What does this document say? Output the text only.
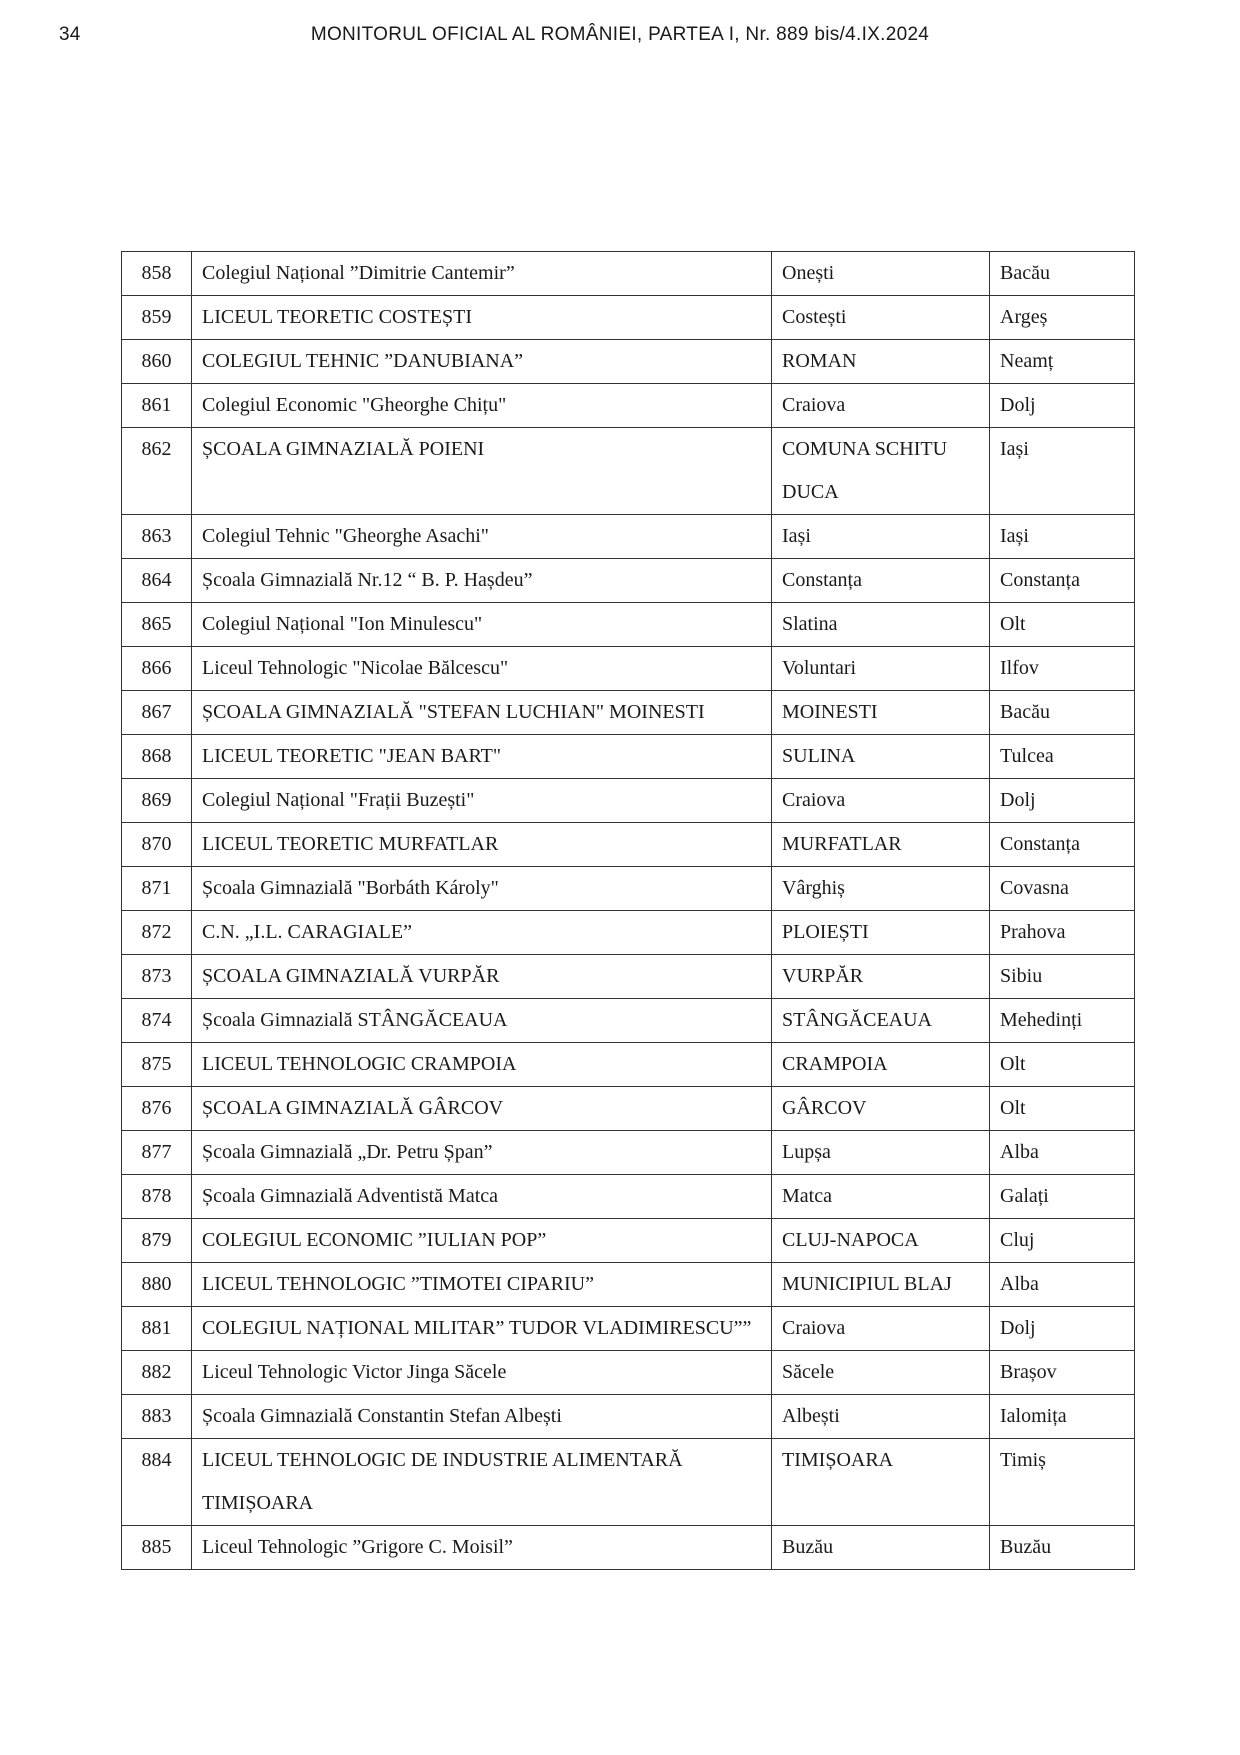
34	MONITORUL OFICIAL AL ROMÂNIEI, PARTEA I, Nr. 889 bis/4.IX.2024
858	Colegiul Național ”Dimitrie Cantemir”	Onești	Bacău
859	LICEUL TEORETIC COSTEȘTI	Costești	Argeș
860	COLEGIUL TEHNIC ”DANUBIANA”	ROMAN	Neamț
861	Colegiul Economic "Gheorghe Chițu"	Craiova	Dolj
862	ȘCOALA GIMNAZIALĂ POIENI	COMUNA SCHITU DUCA	Iași
863	Colegiul Tehnic "Gheorghe Asachi"	Iași	Iași
864	Școala Gimnazială Nr.12 “ B. P. Hașdeu”	Constanța	Constanța
865	Colegiul Național "Ion Minulescu"	Slatina	Olt
866	Liceul Tehnologic "Nicolae Bălcescu"	Voluntari	Ilfov
867	ȘCOALA GIMNAZIALĂ "STEFAN LUCHIAN" MOINESTI	MOINESTI	Bacău
868	LICEUL TEORETIC "JEAN BART"	SULINA	Tulcea
869	Colegiul Național "Frații Buzești"	Craiova	Dolj
870	LICEUL TEORETIC MURFATLAR	MURFATLAR	Constanța
871	Școala Gimnazială "Borbáth Károly"	Vârghiș	Covasna
872	C.N. „I.L. CARAGIALE”	PLOIEȘTI	Prahova
873	ȘCOALA GIMNAZIALĂ VURPĂR	VURPĂR	Sibiu
874	Școala Gimnazială STÂNGĂCEAUA	STÂNGĂCEAUA	Mehedinți
875	LICEUL TEHNOLOGIC CRAMPOIA	CRAMPOIA	Olt
876	ȘCOALA GIMNAZIALĂ GÂRCOV	GÂRCOV	Olt
877	Școala Gimnazială „Dr. Petru Șpan”	Lupșa	Alba
878	Școala Gimnazială Adventistă Matca	Matca	Galați
879	COLEGIUL ECONOMIC ”IULIAN POP”	CLUJ-NAPOCA	Cluj
880	LICEUL TEHNOLOGIC ”TIMOTEI CIPARIU”	MUNICIPIUL BLAJ	Alba
881	COLEGIUL NAȚIONAL MILITAR” TUDOR VLADIMIRESCU””	Craiova	Dolj
882	Liceul Tehnologic Victor Jinga Săcele	Săcele	Brașov
883	Școala Gimnazială Constantin Stefan Albești	Albești	Ialomița
884	LICEUL TEHNOLOGIC DE INDUSTRIE ALIMENTARĂ TIMIȘOARA	TIMIȘOARA	Timiș
885	Liceul Tehnologic ”Grigore C. Moisil”	Buzău	Buzău
